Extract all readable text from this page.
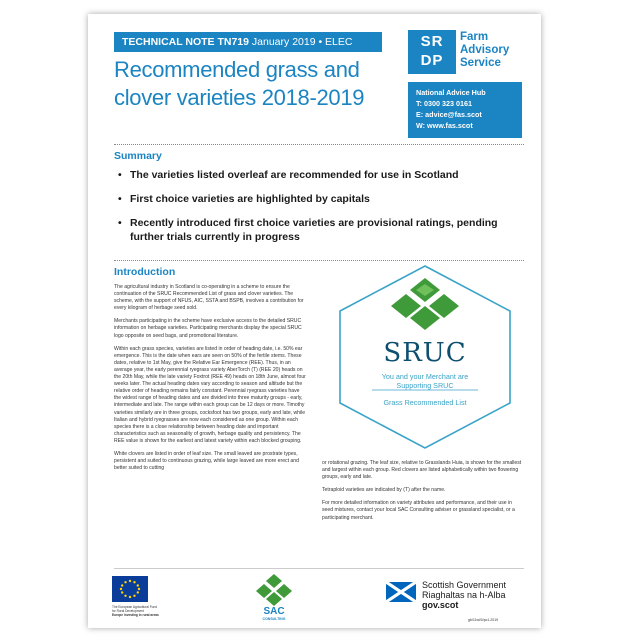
TECHNICAL NOTE TN719 January 2019 • ELEC
Recommended grass and
clover varieties 2018-2019
SR
DP
Farm
Advisory
Service
National Advice Hub
T: 0300 323 0161
E: advice@fas.scot
W: www.fas.scot
Summary
• The varieties listed overleaf are recommended for use in Scotland
• First choice varieties are highlighted by capitals
• Recently introduced first choice varieties are provisional ratings, pending further trials currently in progress
Introduction

The agricultural industry in Scotland is co-operating in a scheme to ensure the continuation of the SRUC Recommended List of grass and clover varieties. The scheme, with the support of NFUS, AIC, SSTA and BSPB, involves a contribution for every kilogram of herbage seed sold.

Merchants participating in the scheme have exclusive access to the detailed SRUC information on herbage varieties. Participating merchants display the special SRUC logo opposite on seed bags, and promotional literature.

Within each grass species, varieties are listed in order of heading date, i.e. 50% ear emergence. This is the date when ears are seen on 50% of the fertile stems. These dates, relative to 1st May, give the Relative Ear Emergence (REE). Thus, in an average year, the early perennial ryegrass variety AberTorch (T) (REE 20) heads on the 20th May, while the late variety Foxtrot (REE 49) heads on 18th June, almost four weeks later. The actual heading dates vary according to season and altitude but the relative order of heading remains fairly constant. Perennial ryegrass varieties have the widest range of heading dates and are divided into three maturity groups - early, intermediate and late. The range within each group can be 12 days or more. Timothy varieties similarly are in three groups, cocksfoot has two groups, early and late, while Italian and hybrid ryegrasses are now each considered as one group. Within each species there is a close relationship between heading date and important characteristics such as seasonality of growth, herbage quality and persistency. The REE value is shown for the earliest and latest variety within each blocked grouping.

White clovers are listed in order of leaf size. The small leaved are prostrate types, persistent and suited to continuous grazing, while large leaved are more erect and better suited to cutting

SRUC
You and your Merchant are
Supporting SRUC
Grass Recommended List

or rotational grazing. The leaf size, relative to Grasslands Huia, is shown for the smallest and largest within each group. Red clovers are listed alphabetically within two flowering groups, early and late.

Tetraploid varieties are indicated by (T) after the name.

For more detailed information on variety attributes and performance, and their use in seed mixtures, contact your local SAC Consulting adviser or grassland specialist, or a participating merchant.

The European Agricultural Fund
for Rural Development
Europe investing in rural areas	SAC
CONSULTING
Scottish Government
Riaghaltas na h-Alba
gov.scot
gb/11wl/0/pc1.2019
